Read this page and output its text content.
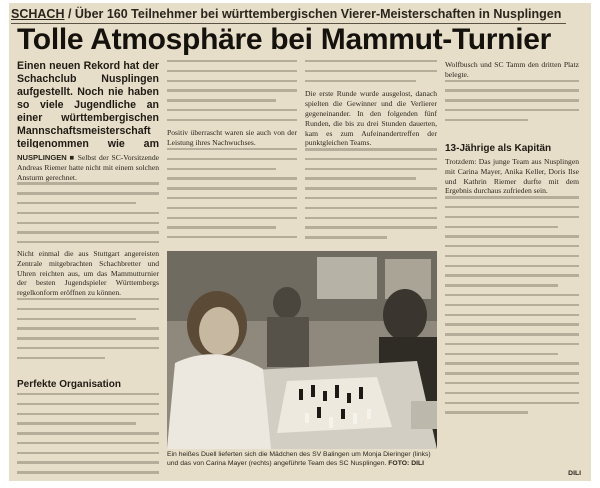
SCHACH / Über 160 Teilnehmer bei württembergischen Vierer-Meisterschaften in Nusplingen
Tolle Atmosphäre bei Mammut-Turnier
Einen neuen Rekord hat der Schachclub Nusplingen aufgestellt. Noch nie haben so viele Jugendliche an einer württembergischen Mannschaftsmeisterschaft teilgenommen wie am
NUSPLINGEN ■ Selbst der SC-Vorsitzende Andreas Riemer hatte nicht mit einem solchen Ansturm gerechnet.
Nicht einmal die aus Stuttgart angereisten Zentrale mitgebrachten Schachbretter und Uhren reichten aus, um das Mammutturnier der besten Jugendspieler Württembergs regelkonform eröffnen zu können.
Perfekte Organisation
Positiv überrascht waren sie auch von der Leistung ihres Nachwuchses.
Die erste Runde wurde ausgelost, danach spielten die Gewinner und die Verlierer gegeneinander. In den folgenden fünf Runden, die bis zu drei Stunden dauerten, kam es zum Aufeinandertreffen der punktgleichen Teams.
Ein heißes Duell lieferten sich die Mädchen des SV Balingen um Monja Dieringer (links) und das von Carina Mayer (rechts) angeführte Team des SC Nusplingen. FOTO: DILI
Wolfbusch und SC Tamm den dritten Platz belegte.
13-Jährige als Kapitän
Trotzdem: Das junge Team aus Nusplingen mit Carina Mayer, Anika Keller, Doris Ilse und Kathrin Riemer durfte mit dem Ergebnis durchaus zufrieden sein.
DILI
